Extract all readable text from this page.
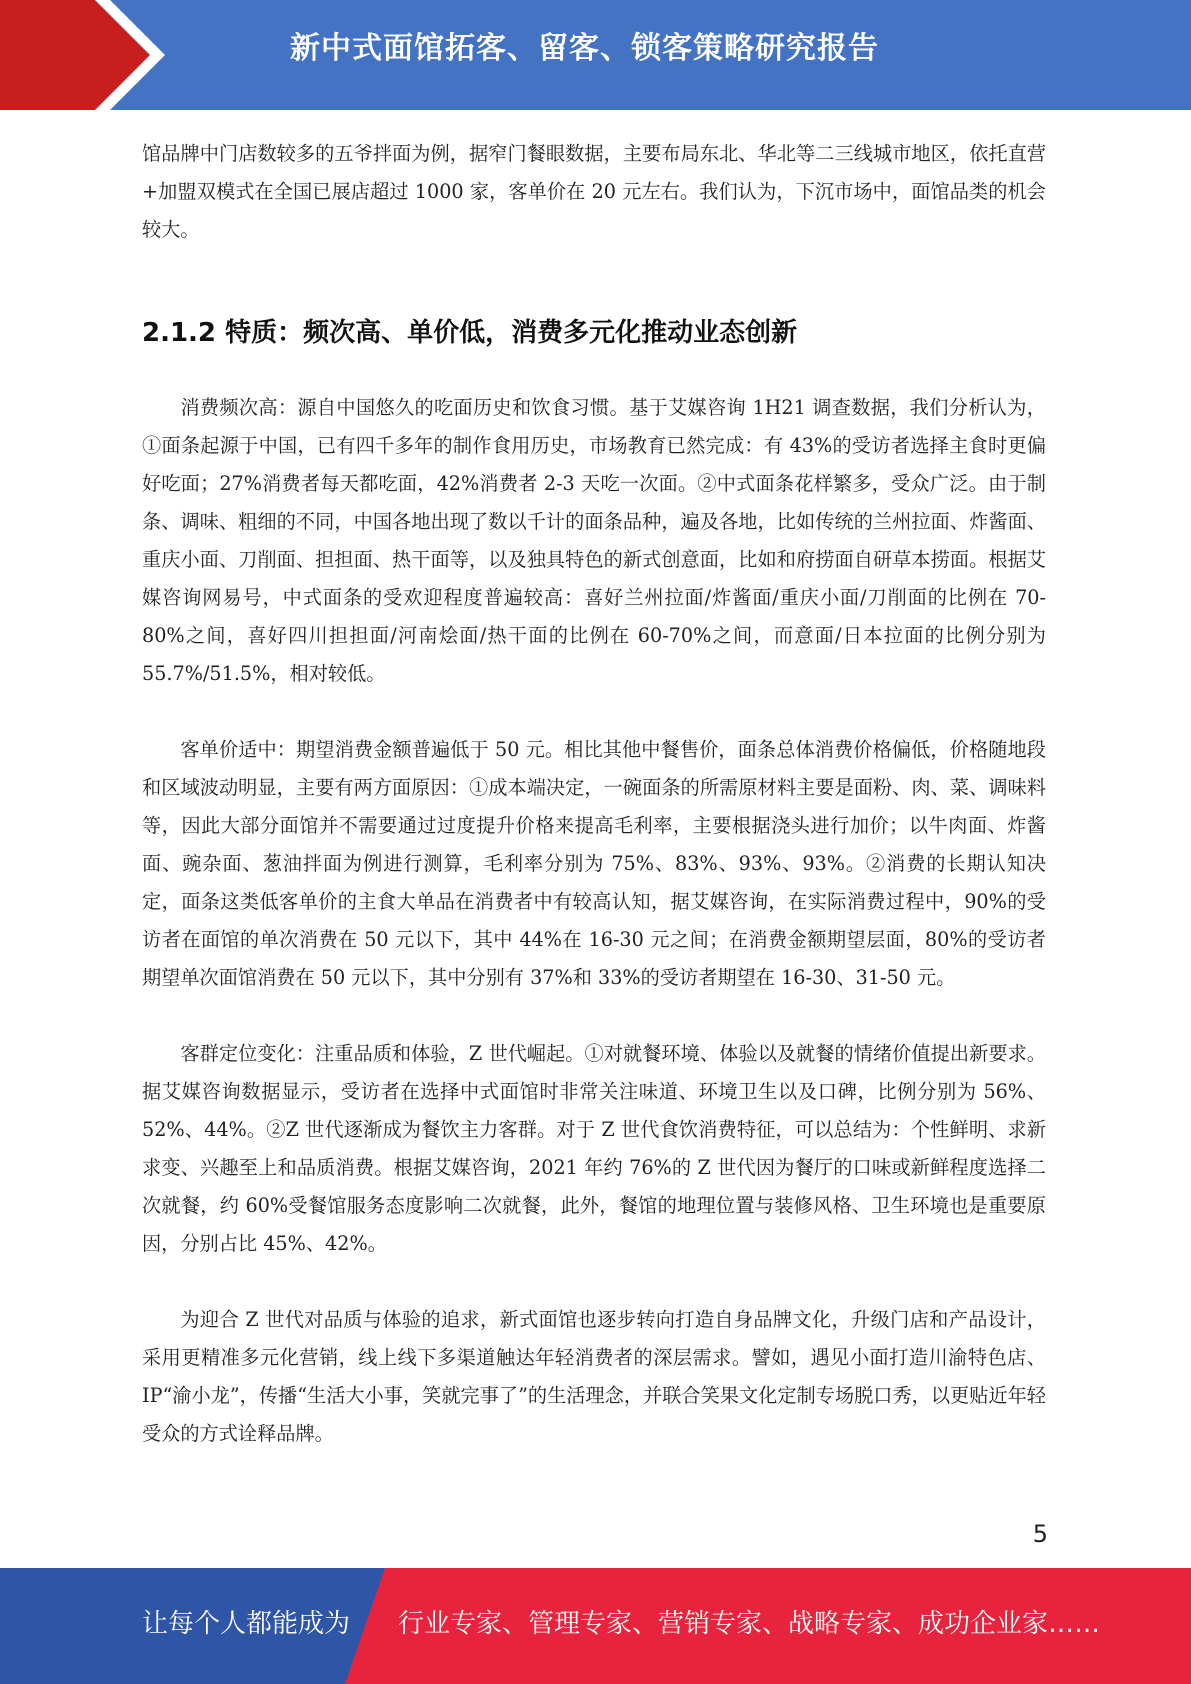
新中式面馆拓客、留客、锁客策略研究报告

馆品牌中门店数较多的五爷拌面为例，据窄门餐眼数据，主要布局东北、华北等二三线城市地区，依托直营+加盟双模式在全国已展店超过 1000 家，客单价在 20 元左右。我们认为，下沉市场中，面馆品类的机会较大。

2.1.2 特质：频次高、单价低，消费多元化推动业态创新

消费频次高：源自中国悠久的吃面历史和饮食习惯。基于艾媒咨询 1H21 调查数据，我们分析认为，①面条起源于中国，已有四千多年的制作食用历史，市场教育已然完成：有 43%的受访者选择主食时更偏好吃面；27%消费者每天都吃面，42%消费者 2-3 天吃一次面。②中式面条花样繁多，受众广泛。由于制条、调味、粗细的不同，中国各地出现了数以千计的面条品种，遍及各地，比如传统的兰州拉面、炸酱面、重庆小面、刀削面、担担面、热干面等，以及独具特色的新式创意面，比如和府捞面自研草本捞面。根据艾媒咨询网易号，中式面条的受欢迎程度普遍较高：喜好兰州拉面/炸酱面/重庆小面/刀削面的比例在 70-80%之间，喜好四川担担面/河南烩面/热干面的比例在 60-70%之间，而意面/日本拉面的比例分别为 55.7%/51.5%，相对较低。

客单价适中：期望消费金额普遍低于 50 元。相比其他中餐售价，面条总体消费价格偏低，价格随地段和区域波动明显，主要有两方面原因：①成本端决定，一碗面条的所需原材料主要是面粉、肉、菜、调味料等，因此大部分面馆并不需要通过过度提升价格来提高毛利率，主要根据浇头进行加价；以牛肉面、炸酱面、豌杂面、葱油拌面为例进行测算，毛利率分别为 75%、83%、93%、93%。②消费的长期认知决定，面条这类低客单价的主食大单品在消费者中有较高认知，据艾媒咨询，在实际消费过程中，90%的受访者在面馆的单次消费在 50 元以下，其中 44%在 16-30 元之间；在消费金额期望层面，80%的受访者期望单次面馆消费在 50 元以下，其中分别有 37%和 33%的受访者期望在 16-30、31-50 元。

客群定位变化：注重品质和体验，Z 世代崛起。①对就餐环境、体验以及就餐的情绪价值提出新要求。据艾媒咨询数据显示，受访者在选择中式面馆时非常关注味道、环境卫生以及口碑，比例分别为 56%、52%、44%。②Z 世代逐渐成为餐饮主力客群。对于 Z 世代食饮消费特征，可以总结为：个性鲜明、求新求变、兴趣至上和品质消费。根据艾媒咨询，2021 年约 76%的 Z 世代因为餐厅的口味或新鲜程度选择二次就餐，约 60%受餐馆服务态度影响二次就餐，此外，餐馆的地理位置与装修风格、卫生环境也是重要原因，分别占比 45%、42%。

为迎合 Z 世代对品质与体验的追求，新式面馆也逐步转向打造自身品牌文化，升级门店和产品设计，采用更精准多元化营销，线上线下多渠道触达年轻消费者的深层需求。譬如，遇见小面打造川渝特色店、IP“渝小龙”，传播“生活大小事，笑就完事了”的生活理念，并联合笑果文化定制专场脱口秀，以更贴近年轻受众的方式诠释品牌。

5
让每个人都能成为 行业专家、管理专家、营销专家、战略专家、成功企业家……
